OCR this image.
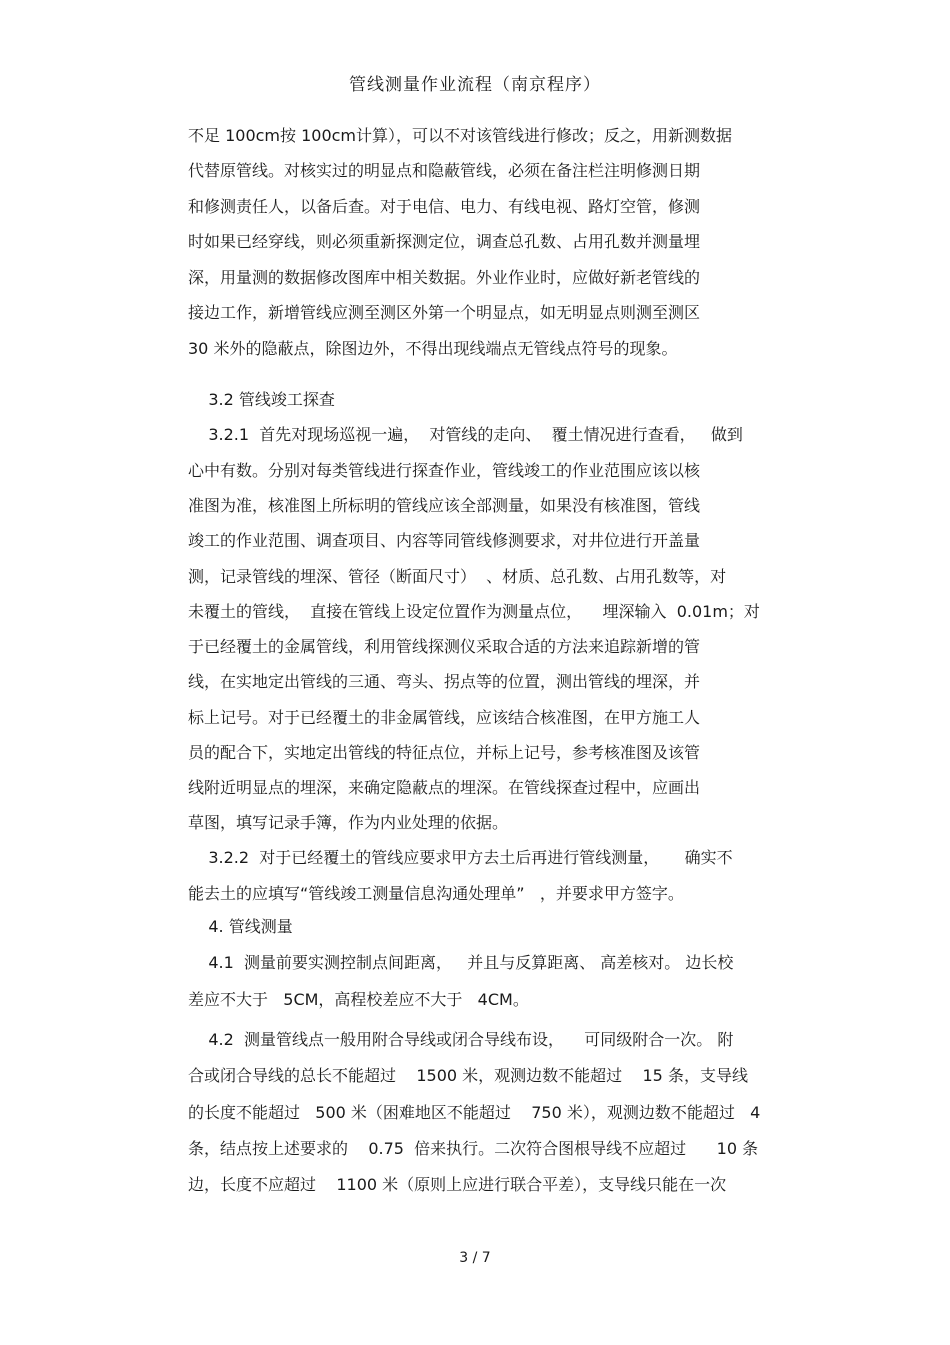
管线测量作业流程（南京程序）
不足 100cm按 100cm计算），可以不对该管线进行修改；反之，用新测数据
代替原管线。对核实过的明显点和隐蔽管线，必须在备注栏注明修测日期
和修测责任人，以备后查。对于电信、电力、有线电视、路灯空管，修测
时如果已经穿线，则必须重新探测定位，调查总孔数、占用孔数并测量埋
深，用量测的数据修改图库中相关数据。外业作业时，应做好新老管线的
接边工作，新增管线应测至测区外第一个明显点，如无明显点则测至测区
30 米外的隐蔽点，除图边外，不得出现线端点无管线点符号的现象。
3.2 管线竣工探查
3.2.1  首先对现场巡视一遍，  对管线的走向、  覆土情况进行查看，   做到
心中有数。分别对每类管线进行探查作业，管线竣工的作业范围应该以核
准图为准，核准图上所标明的管线应该全部测量，如果没有核准图，管线
竣工的作业范围、调查项目、内容等同管线修测要求，对井位进行开盖量
测，记录管线的埋深、管径（断面尺寸）  、材质、总孔数、占用孔数等，对
未覆土的管线，  直接在管线上设定位置作为测量点位，    埋深输入  0.01m；对
于已经覆土的金属管线，利用管线探测仪采取合适的方法来追踪新增的管
线，在实地定出管线的三通、弯头、拐点等的位置，测出管线的埋深，并
标上记号。对于已经覆土的非金属管线，应该结合核准图，在甲方施工人
员的配合下，实地定出管线的特征点位，并标上记号，参考核准图及该管
线附近明显点的埋深，来确定隐蔽点的埋深。在管线探查过程中，应画出
草图，填写记录手簿，作为内业处理的依据。
3.2.2  对于已经覆土的管线应要求甲方去土后再进行管线测量，     确实不
能去土的应填写“管线竣工测量信息沟通处理单”   ，并要求甲方签字。
4. 管线测量
4.1  测量前要实测控制点间距离，   并且与反算距离、 高差核对。 边长校
差应不大于   5CM，高程校差应不大于   4CM。
4.2  测量管线点一般用附合导线或闭合导线布设，    可同级附合一次。 附
合或闭合导线的总长不能超过    1500 米，观测边数不能超过    15 条，支导线
的长度不能超过   500 米（困难地区不能超过    750 米），观测边数不能超过   4
条，结点按上述要求的    0.75  倍来执行。二次符合图根导线不应超过      10 条
边，长度不应超过    1100 米（原则上应进行联合平差），支导线只能在一次
3 / 7
